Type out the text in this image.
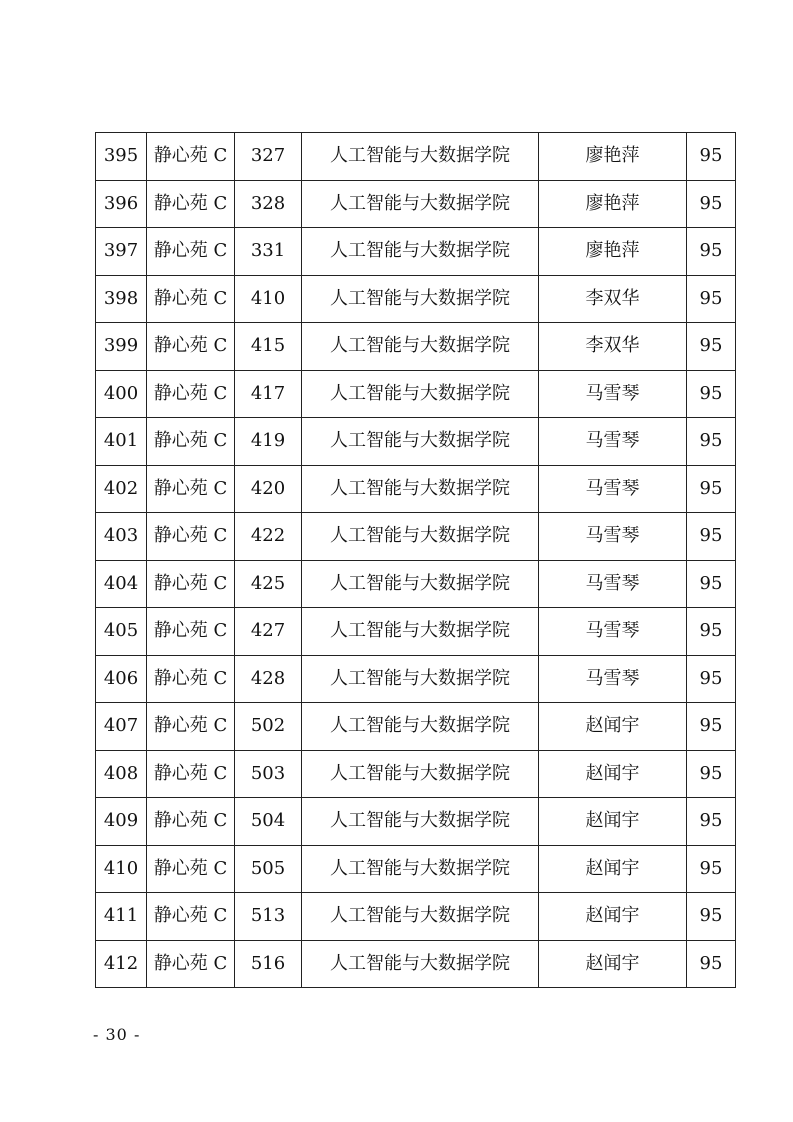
395	静心苑 C	327	人工智能与大数据学院	廖艳萍	95
396	静心苑 C	328	人工智能与大数据学院	廖艳萍	95
397	静心苑 C	331	人工智能与大数据学院	廖艳萍	95
398	静心苑 C	410	人工智能与大数据学院	李双华	95
399	静心苑 C	415	人工智能与大数据学院	李双华	95
400	静心苑 C	417	人工智能与大数据学院	马雪琴	95
401	静心苑 C	419	人工智能与大数据学院	马雪琴	95
402	静心苑 C	420	人工智能与大数据学院	马雪琴	95
403	静心苑 C	422	人工智能与大数据学院	马雪琴	95
404	静心苑 C	425	人工智能与大数据学院	马雪琴	95
405	静心苑 C	427	人工智能与大数据学院	马雪琴	95
406	静心苑 C	428	人工智能与大数据学院	马雪琴	95
407	静心苑 C	502	人工智能与大数据学院	赵闻宇	95
408	静心苑 C	503	人工智能与大数据学院	赵闻宇	95
409	静心苑 C	504	人工智能与大数据学院	赵闻宇	95
410	静心苑 C	505	人工智能与大数据学院	赵闻宇	95
411	静心苑 C	513	人工智能与大数据学院	赵闻宇	95
412	静心苑 C	516	人工智能与大数据学院	赵闻宇	95
- 30 -
